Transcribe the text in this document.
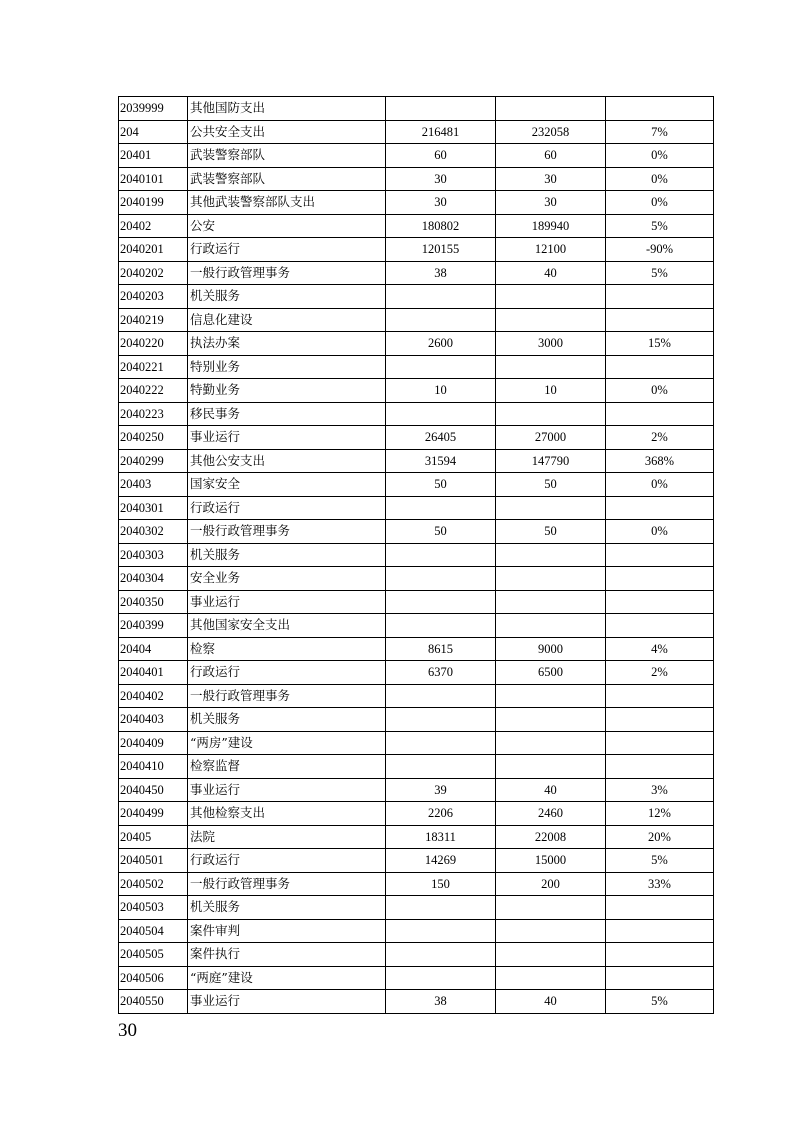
2039999	其他国防支出			
204	公共安全支出	216481	232058	7%
20401	武装警察部队	60	60	0%
2040101	武装警察部队	30	30	0%
2040199	其他武装警察部队支出	30	30	0%
20402	公安	180802	189940	5%
2040201	行政运行	120155	12100	-90%
2040202	一般行政管理事务	38	40	5%
2040203	机关服务			
2040219	信息化建设			
2040220	执法办案	2600	3000	15%
2040221	特别业务			
2040222	特勤业务	10	10	0%
2040223	移民事务			
2040250	事业运行	26405	27000	2%
2040299	其他公安支出	31594	147790	368%
20403	国家安全	50	50	0%
2040301	行政运行			
2040302	一般行政管理事务	50	50	0%
2040303	机关服务			
2040304	安全业务			
2040350	事业运行			
2040399	其他国家安全支出			
20404	检察	8615	9000	4%
2040401	行政运行	6370	6500	2%
2040402	一般行政管理事务			
2040403	机关服务			
2040409	“两房”建设			
2040410	检察监督			
2040450	事业运行	39	40	3%
2040499	其他检察支出	2206	2460	12%
20405	法院	18311	22008	20%
2040501	行政运行	14269	15000	5%
2040502	一般行政管理事务	150	200	33%
2040503	机关服务			
2040504	案件审判			
2040505	案件执行			
2040506	“两庭”建设			
2040550	事业运行	38	40	5%
30
